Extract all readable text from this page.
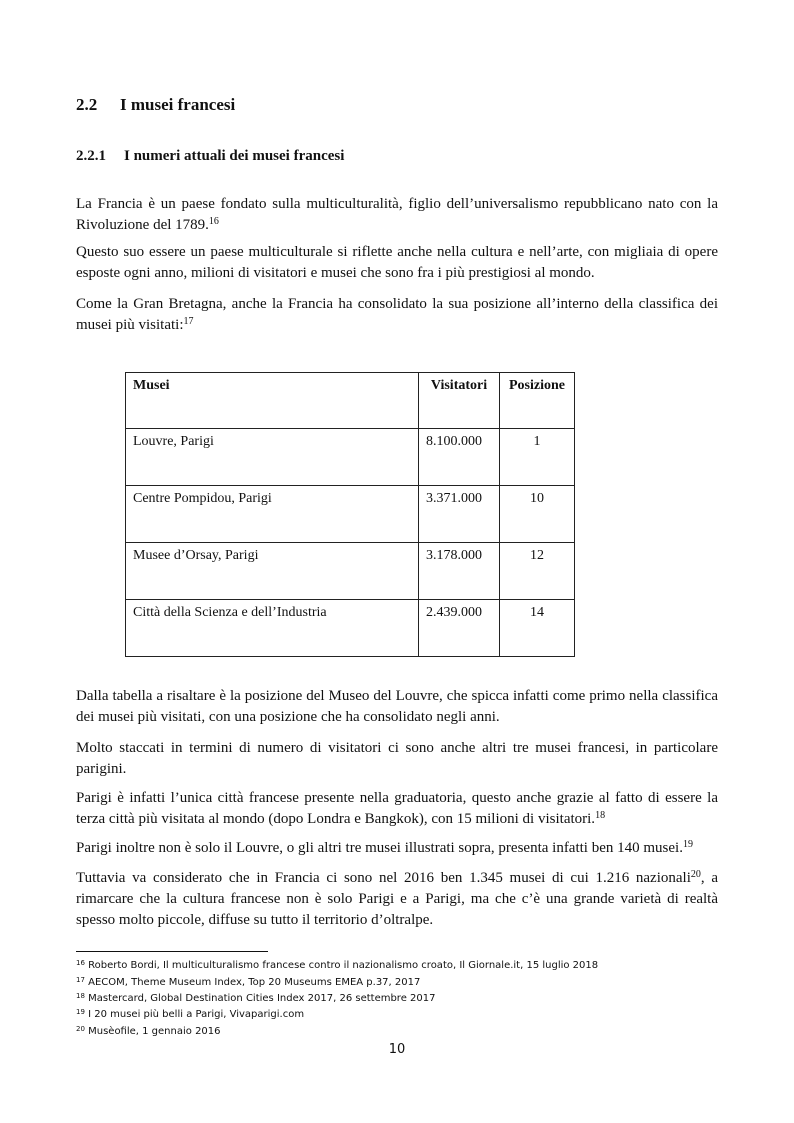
2.2 I musei francesi
2.2.1 I numeri attuali dei musei francesi

La Francia è un paese fondato sulla multiculturalità, figlio dell’universalismo repubblicano nato con la Rivoluzione del 1789.16

Questo suo essere un paese multiculturale si riflette anche nella cultura e nell’arte, con migliaia di opere esposte ogni anno, milioni di visitatori e musei che sono fra i più prestigiosi al mondo.

Come la Gran Bretagna, anche la Francia ha consolidato la sua posizione all’interno della classifica dei musei più visitati:$^{17}$

Musei	Visitatori	Posizione
Louvre, Parigi	8.100.000	1
Centre Pompidou, Parigi	3.371.000	10
Musee d’Orsay, Parigi	3.178.000	12
Città della Scienza e dell’Industria	2.439.000	14

Dalla tabella a risaltare è la posizione del Museo del Louvre, che spicca infatti come primo nella classifica dei musei più visitati, con una posizione che ha consolidato negli anni.

Molto staccati in termini di numero di visitatori ci sono anche altri tre musei francesi, in particolare parigini.

Parigi è infatti l’unica città francese presente nella graduatoria, questo anche grazie al fatto di essere la terza città più visitata al mondo (dopo Londra e Bangkok), con 15 milioni di visitatori.$^{18}$

Parigi inoltre non è solo il Louvre, o gli altri tre musei illustrati sopra, presenta infatti ben 140 musei.$^{19}$

Tuttavia va considerato che in Francia ci sono nel 2016 ben 1.345 musei di cui 1.216 nazionali$^{20}$, a rimarcare che la cultura francese non è solo Parigi e a Parigi, ma che c’è una grande varietà di realtà spesso molto piccole, diffuse su tutto il territorio d’oltralpe.

$^{16}$ Roberto Bordi, Il multiculturalismo francese contro il nazionalismo croato, Il Giornale.it, 15 luglio 2018
$^{17}$ AECOM, Theme Museum Index, Top 20 Museums EMEA p.37, 2017
$^{18}$ Mastercard, Global Destination Cities Index 2017, 26 settembre 2017
$^{19}$ I 20 musei più belli a Parigi, Vivaparigi.com
$^{20}$ Musèofile, 1 gennaio 2016
10
